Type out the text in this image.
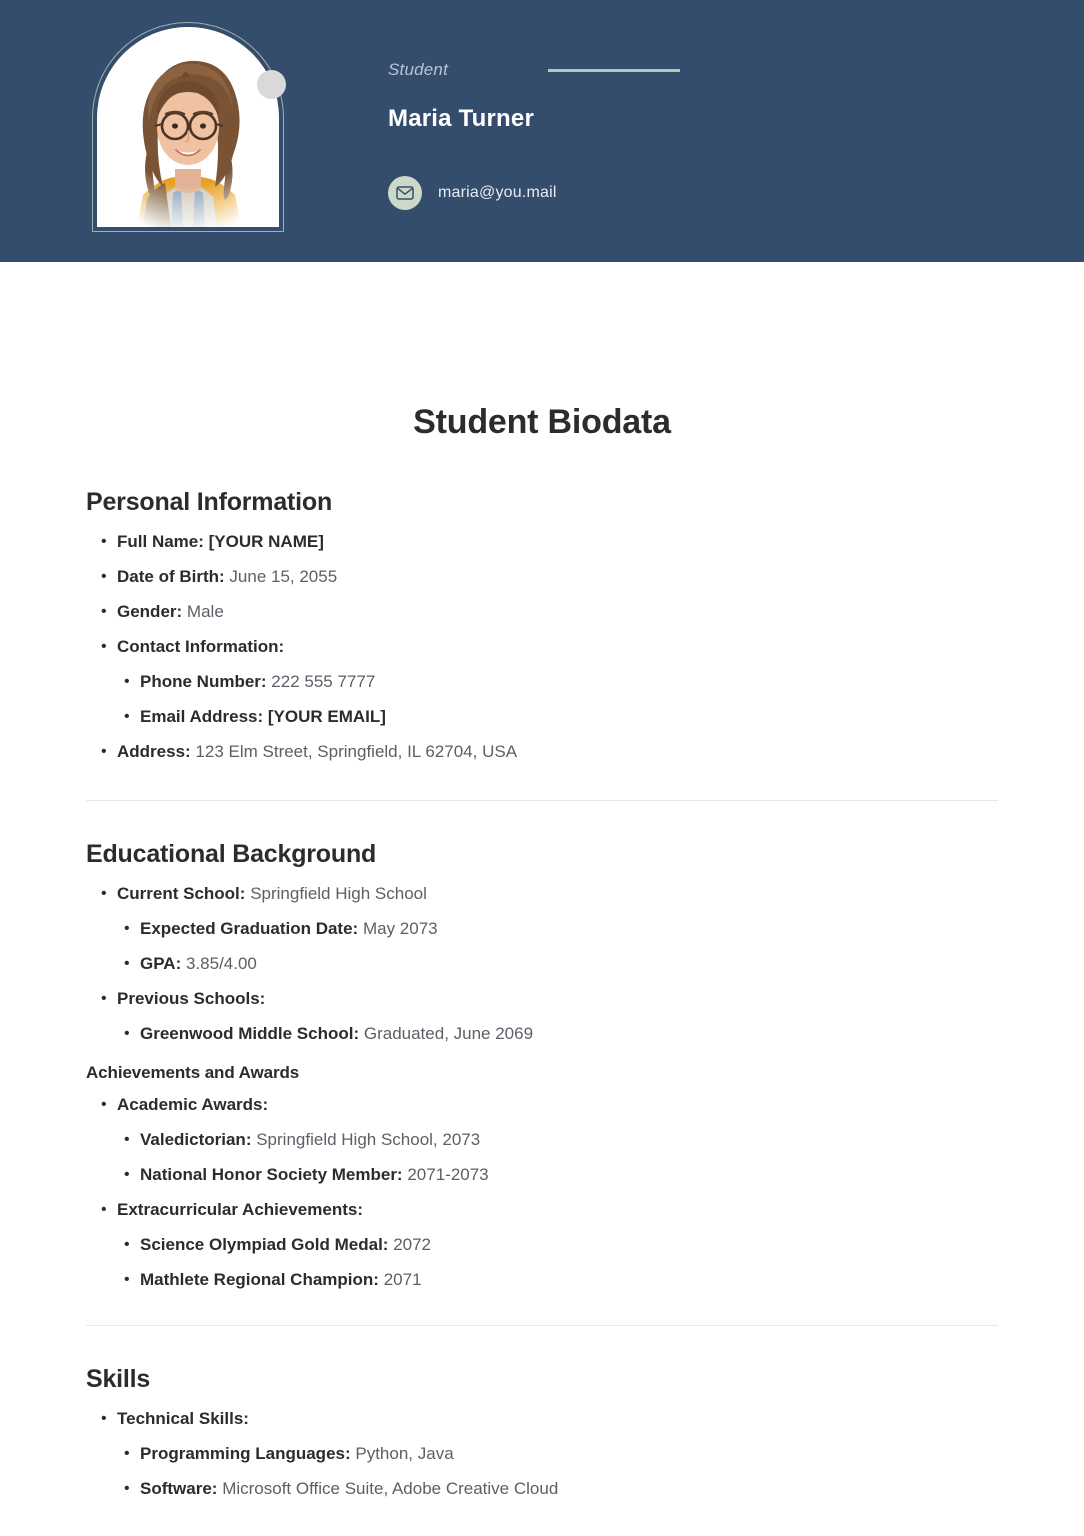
Student
Maria Turner
maria@you.mail
Student Biodata
Personal Information
• Full Name: [YOUR NAME]
• Date of Birth: June 15, 2055
• Gender: Male
• Contact Information:
• Phone Number: 222 555 7777
• Email Address: [YOUR EMAIL]
• Address: 123 Elm Street, Springfield, IL 62704, USA
Educational Background
• Current School: Springfield High School
• Expected Graduation Date: May 2073
• GPA: 3.85/4.00
• Previous Schools:
• Greenwood Middle School: Graduated, June 2069
Achievements and Awards
• Academic Awards:
• Valedictorian: Springfield High School, 2073
• National Honor Society Member: 2071-2073
• Extracurricular Achievements:
• Science Olympiad Gold Medal: 2072
• Mathlete Regional Champion: 2071
Skills
• Technical Skills:
• Programming Languages: Python, Java
• Software: Microsoft Office Suite, Adobe Creative Cloud
